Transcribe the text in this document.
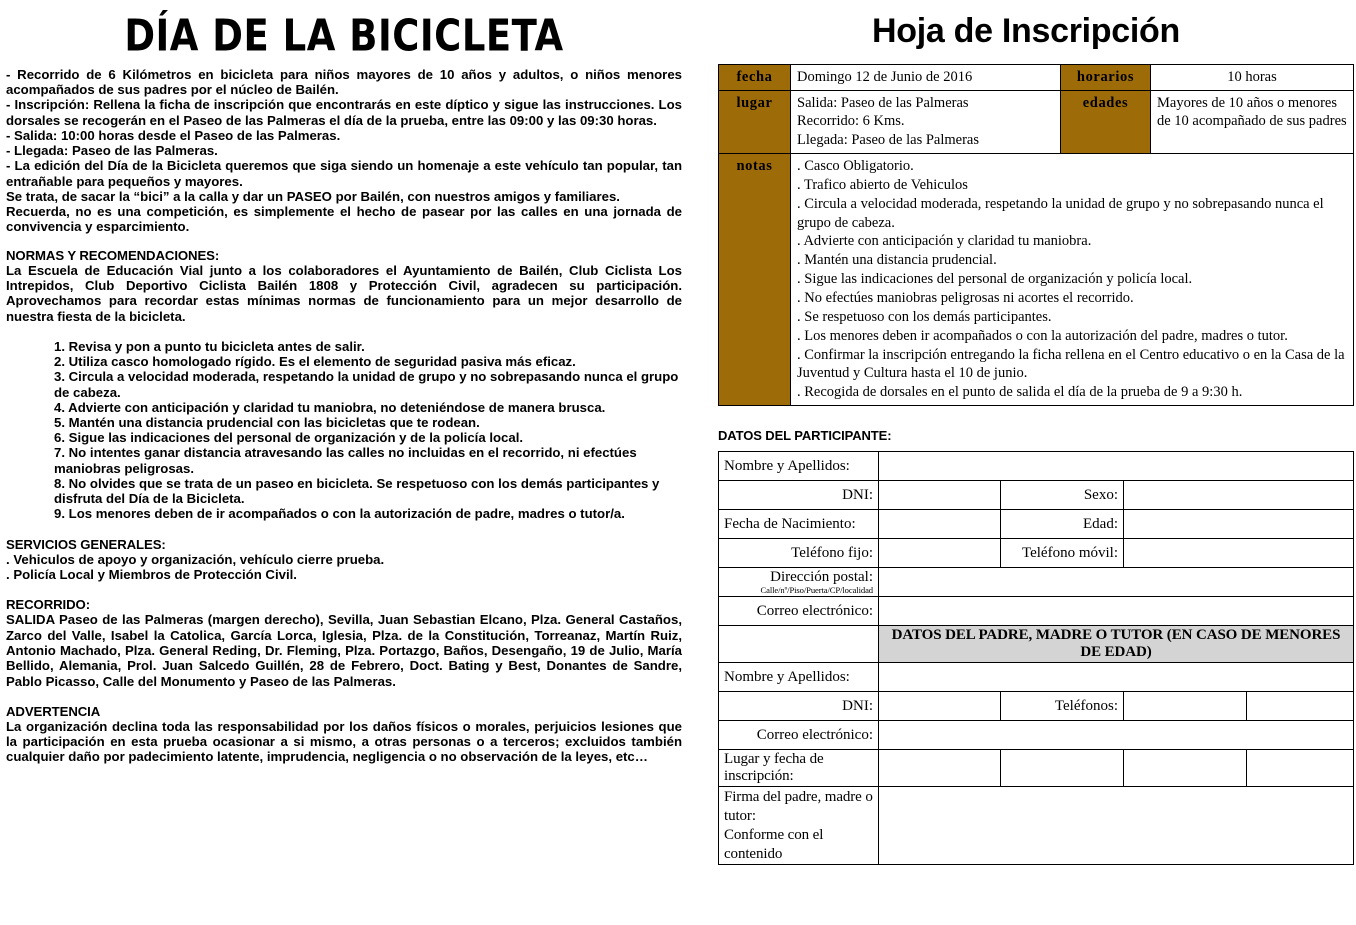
DÍA DE LA BICICLETA
- Recorrido de 6 Kilómetros en bicicleta para niños mayores de 10 años y adultos, o niños menores acompañados de sus padres por el núcleo de Bailén.
- Inscripción: Rellena la ficha de inscripción que encontrarás en este díptico y sigue las instrucciones. Los dorsales se recogerán en el Paseo de las Palmeras el día de la prueba, entre las 09:00 y las 09:30 horas.
- Salida: 10:00 horas desde el Paseo de las Palmeras.
- Llegada: Paseo de las Palmeras.
- La edición del Día de la Bicicleta queremos que siga siendo un homenaje a este vehículo tan popular, tan entrañable para pequeños y mayores.
Se trata, de sacar la “bici” a la calla y dar un PASEO por Bailén, con nuestros amigos y familiares.
Recuerda, no es una competición, es simplemente el hecho de pasear por las calles en una jornada de convivencia y esparcimiento.
NORMAS Y RECOMENDACIONES:
La Escuela de Educación Vial junto a los colaboradores el Ayuntamiento de Bailén, Club Ciclista Los Intrepidos, Club Deportivo Ciclista Bailén 1808 y Protección Civil, agradecen su participación. Aprovechamos para recordar estas mínimas normas de funcionamiento para un mejor desarrollo de nuestra fiesta de la bicicleta.
1. Revisa y pon a punto tu bicicleta antes de salir.
2. Utiliza casco homologado rígido. Es el elemento de seguridad pasiva más eficaz.
3. Circula a velocidad moderada, respetando la unidad de grupo y no sobrepasando nunca el grupo de cabeza.
4. Advierte con anticipación y claridad tu maniobra, no deteniéndose de manera brusca.
5. Mantén una distancia prudencial con las bicicletas que te rodean.
6. Sigue las indicaciones del personal de organización y de la policía local.
7. No intentes ganar distancia atravesando las calles no incluidas en el recorrido, ni efectúes maniobras peligrosas.
8. No olvides que se trata de un paseo en bicicleta. Se respetuoso con los demás participantes y disfruta del Día de la Bicicleta.
9. Los menores deben de ir acompañados o con la autorización de padre, madres o tutor/a.
SERVICIOS GENERALES:
. Vehiculos de apoyo y organización, vehículo cierre prueba.
. Policía Local y Miembros de Protección Civil.
RECORRIDO:
SALIDA Paseo de las Palmeras (margen derecho), Sevilla, Juan Sebastian Elcano, Plza. General Castaños, Zarco del Valle, Isabel la Catolica, García Lorca, Iglesia, Plza. de la Constitución, Torreanaz, Martín Ruiz, Antonio Machado, Plza. General Reding, Dr. Fleming, Plza. Portazgo, Baños, Desengaño, 19 de Julio, María Bellido, Alemania, Prol. Juan Salcedo Guillén, 28 de Febrero, Doct. Bating y Best, Donantes de Sandre, Pablo Picasso, Calle del Monumento y Paseo de las Palmeras.
ADVERTENCIA
La organización declina toda las responsabilidad por los daños físicos o morales, perjuicios lesiones que la participación en esta prueba ocasionar a si mismo, a otras personas o a terceros; excluidos también cualquier daño por padecimiento latente, imprudencia, negligencia o no observación de la leyes, etc…
Hoja de Inscripción
fecha	Domingo 12 de Junio de 2016	horarios	10 horas
lugar	Salida: Paseo de las Palmeras
Recorrido: 6 Kms.
Llegada: Paseo de las Palmeras	edades	Mayores de 10 años o menores de 10 acompañado de sus padres
notas	. Casco Obligatorio.
. Trafico abierto de Vehiculos
. Circula a velocidad moderada, respetando la unidad de grupo y no sobrepasando nunca el grupo de cabeza.
. Advierte con anticipación y claridad tu maniobra.
. Mantén una distancia prudencial.
. Sigue las indicaciones del personal de organización y policía local.
. No efectúes maniobras peligrosas ni acortes el recorrido.
. Se respetuoso con los demás participantes.
. Los menores deben ir acompañados o con la autorización del padre, madres o tutor.
. Confirmar la inscripción entregando la ficha rellena en el Centro educativo o en la Casa de la Juventud y Cultura hasta el 10 de junio.
. Recogida de dorsales en el punto de salida el día de la prueba de 9 a 9:30 h.
DATOS DEL PARTICIPANTE:
Nombre y Apellidos:				
DNI:		Sexo:		
Fecha de Nacimiento:		Edad:		
Teléfono fijo:		Teléfono móvil:		

Dirección postal:
Calle/nº/Piso/Puerta/CP/localidad				

Correo electrónico:				
	DATOS DEL PADRE, MADRE O TUTOR (EN CASO DE MENORES DE EDAD)			
Nombre y Apellidos:				
DNI:		Teléfonos:		
Correo electrónico:				
Lugar y fecha de inscripción:				

Firma del padre, madre o tutor:
Conforme con el contenido				
